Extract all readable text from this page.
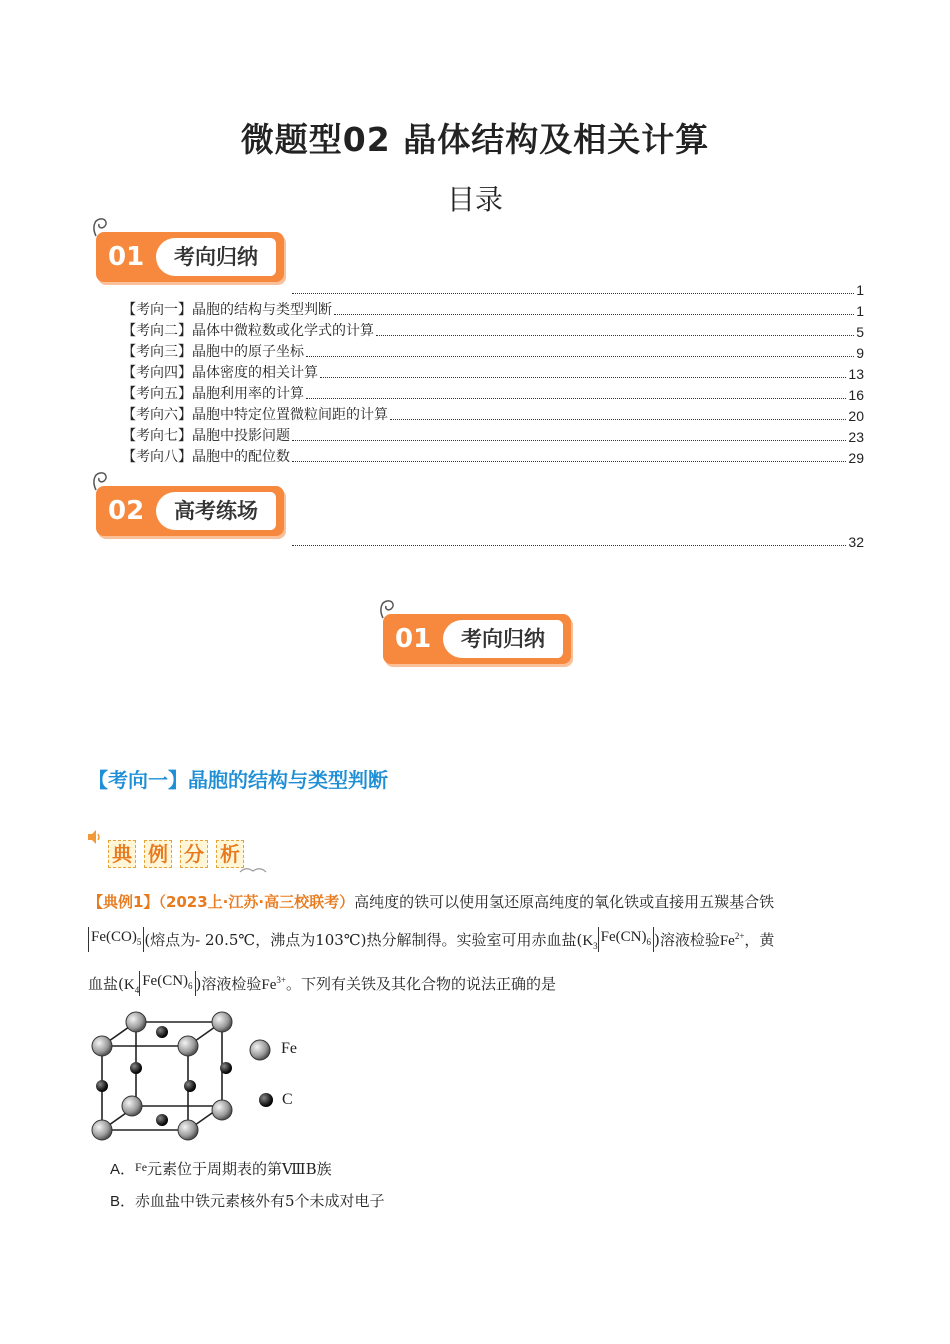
微题型02 晶体结构及相关计算
目录
01	考向归纳
1
【考向一】晶胞的结构与类型判断	1
【考向二】晶体中微粒数或化学式的计算	5
【考向三】晶胞中的原子坐标	9
【考向四】晶体密度的相关计算	13
【考向五】晶胞利用率的计算	16
【考向六】晶胞中特定位置微粒间距的计算	20
【考向七】晶胞中投影问题	23
【考向八】晶胞中的配位数	29
02	高考练场
32
01	考向归纳
【考向一】晶胞的结构与类型判断
典 例 分 析
【典例1】（2023上·江苏·高三校联考）高纯度的铁可以使用氢还原高纯度的氧化铁或直接用五羰基合铁
$Fe(CO)_5$ (熔点为- 20.5℃，沸点为103℃)热分解制得。实验室可用赤血盐($K_3Fe(CN)_6$ )溶液检验$Fe^{2+}$，黄
血盐($K_4Fe(CN)_6$ )溶液检验$Fe^{3+}$。下列有关铁及其化合物的说法正确的是
Fe
C
A．$^{Fe}$元素位于周期表的第ⅧB族
B．赤血盐中铁元素核外有5个未成对电子
